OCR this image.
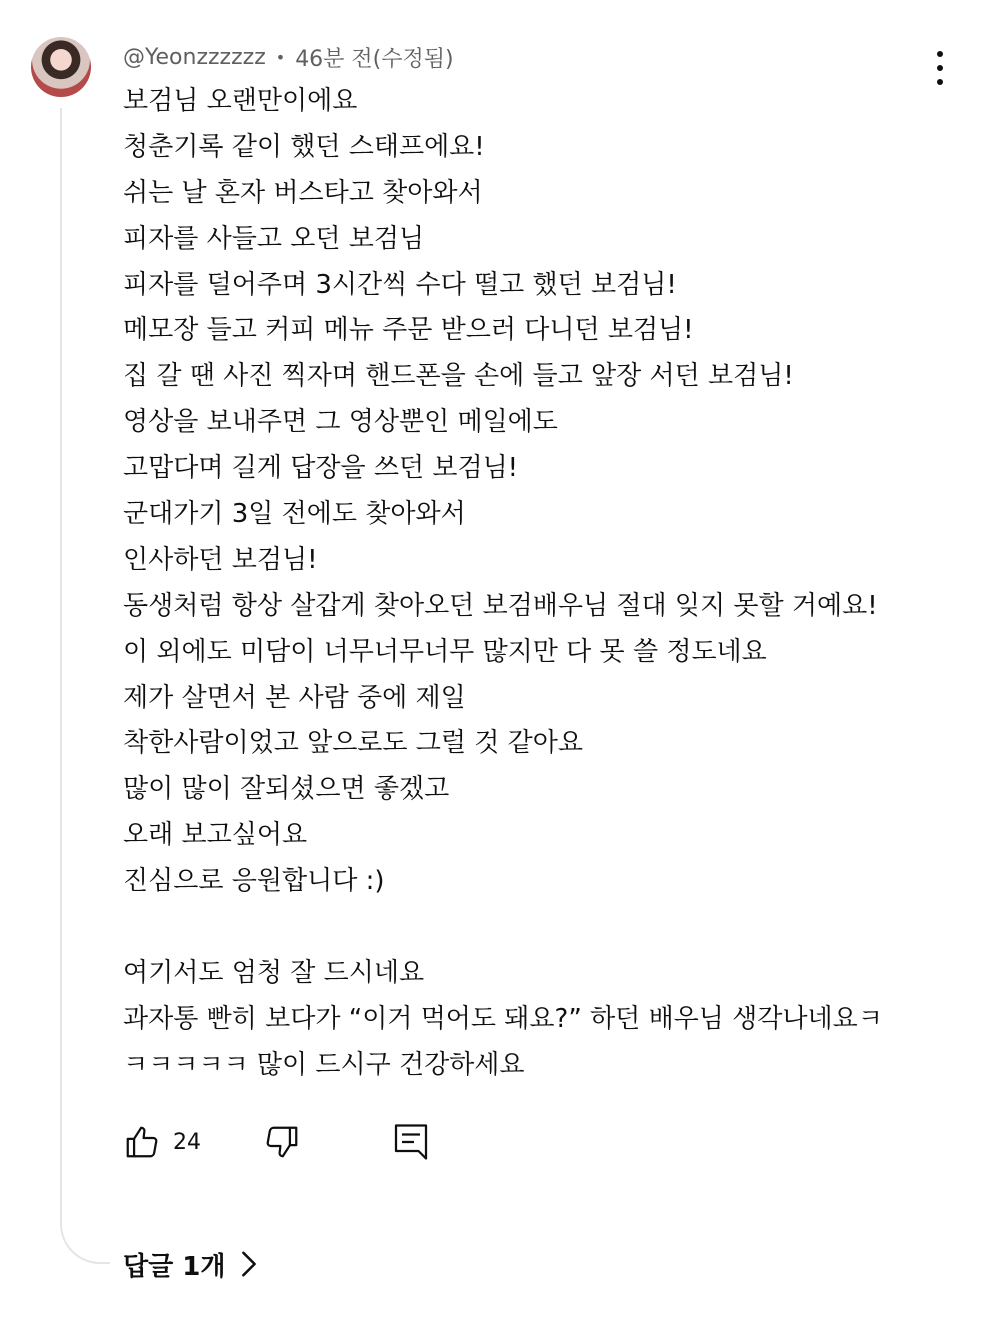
@Yeonzzzzzz • 46분 전(수정됨)
보검님 오랜만이에요
청춘기록 같이 했던 스태프에요!
쉬는 날 혼자 버스타고 찾아와서
피자를 사들고 오던 보검님
피자를 덜어주며 3시간씩 수다 떨고 했던 보검님!
메모장 들고 커피 메뉴 주문 받으러 다니던 보검님!
집 갈 땐 사진 찍자며 핸드폰을 손에 들고 앞장 서던 보검님!
영상을 보내주면 그 영상뿐인 메일에도
고맙다며 길게 답장을 쓰던 보검님!
군대가기 3일 전에도 찾아와서
인사하던 보검님!
동생처럼 항상 살갑게 찾아오던 보검배우님 절대 잊지 못할 거예요!
이 외에도 미담이 너무너무너무 많지만 다 못 쓸 정도네요
제가 살면서 본 사람 중에 제일
착한사람이었고 앞으로도 그럴 것 같아요
많이 많이 잘되셨으면 좋겠고
오래 보고싶어요
진심으로 응원합니다 :)
여기서도 엄청 잘 드시네요
과자통 빤히 보다가 “이거 먹어도 돼요?” 하던 배우님 생각나네요ㅋ
ㅋㅋㅋㅋㅋ 많이 드시구 건강하세요
24
답글 1개
